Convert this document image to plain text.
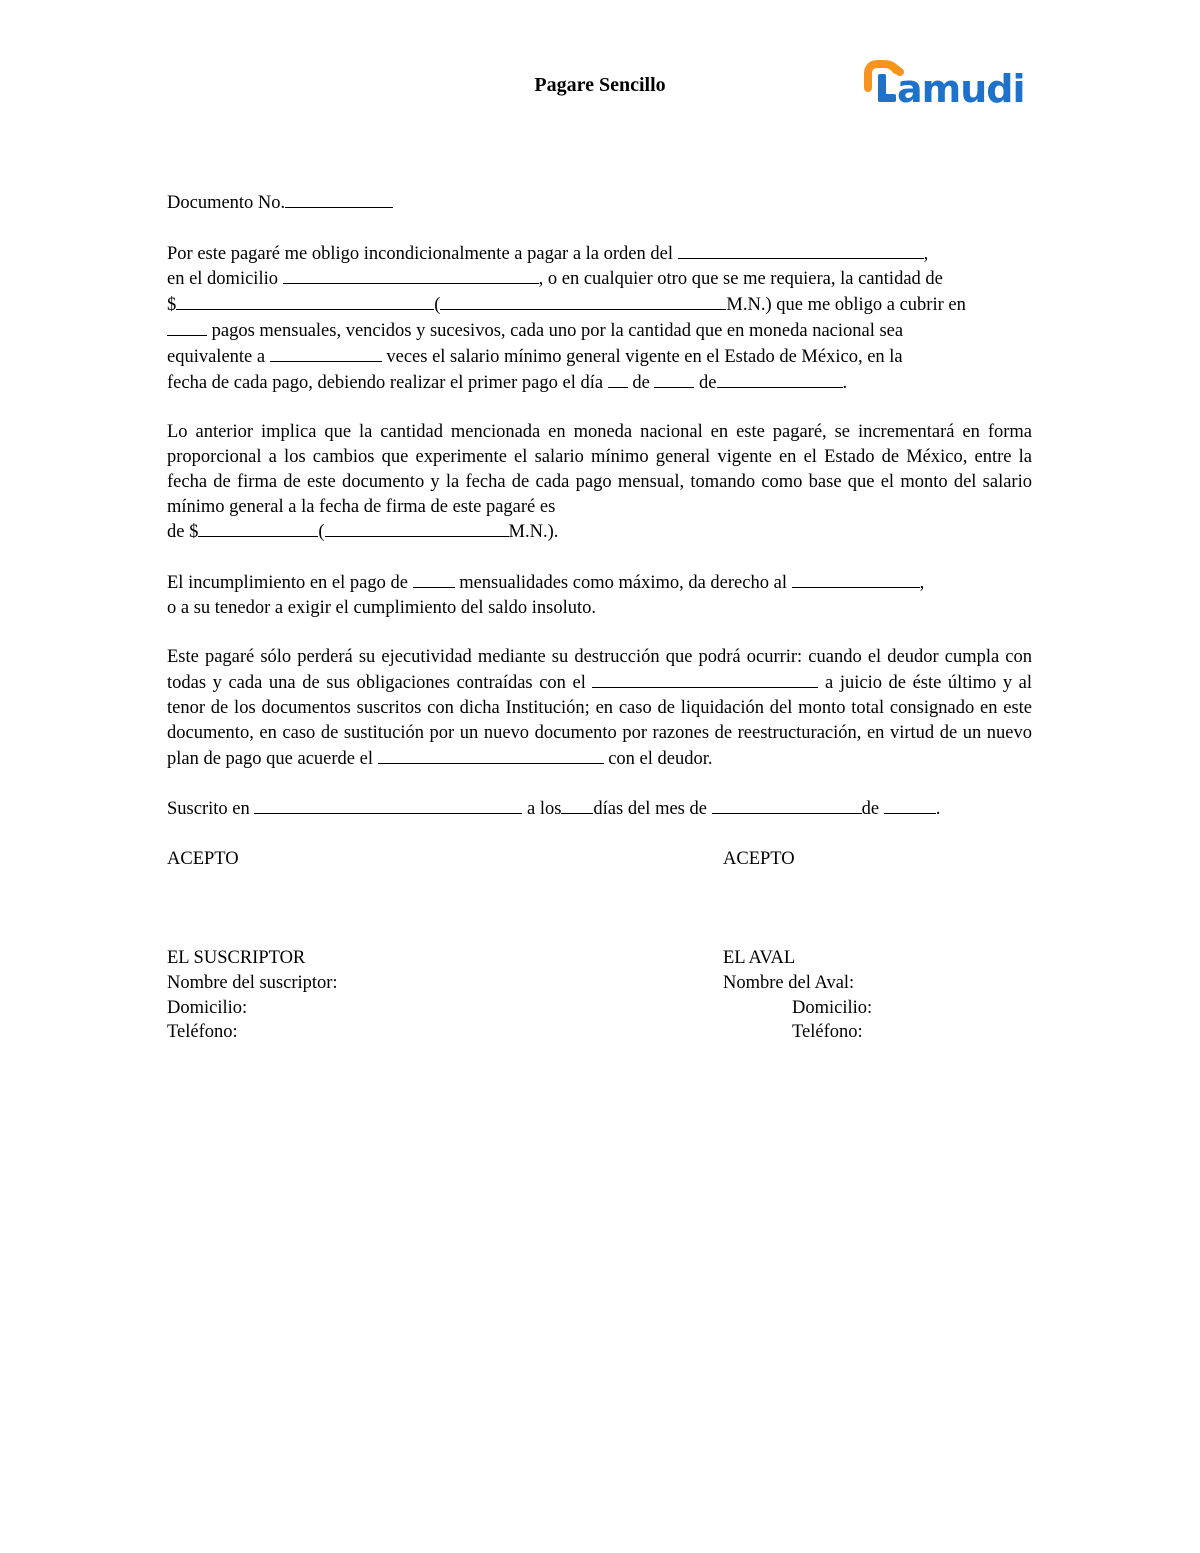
Pagare Sencillo	amudi

Documento No.

Por este pagaré me obligo incondicionalmente a pagar a la orden del	,
en el domicilio	, o en cualquier otro que se me requiera, la cantidad de
$	(	M.N.) que me obligo a cubrir en
pagos mensuales, vencidos y sucesivos, cada uno por la cantidad que en moneda nacional sea
equivalente a	veces el salario mínimo general vigente en el Estado de México, en la
fecha de cada pago, debiendo realizar el primer pago el día  de  de	.

Lo anterior implica que la cantidad mencionada en moneda nacional en este pagaré, se incrementará en forma proporcional a los cambios que experimente el salario mínimo general vigente en el Estado de México, entre la fecha de firma de este documento y la fecha de cada pago mensual, tomando como base que el monto del salario mínimo general a la fecha de firma de este pagaré es
de $	(	M.N.).

El incumplimiento en el pago de  mensualidades como máximo, da derecho al	,
o a su tenedor a exigir el cumplimiento del saldo insoluto.

Este pagaré sólo perderá su ejecutividad mediante su destrucción que podrá ocurrir: cuando el deudor cumpla con todas y cada una de sus obligaciones contraídas con el	a juicio de éste último y al tenor de los documentos suscritos con dicha Institución; en caso de liquidación del monto total consignado en este documento, en caso de sustitución por un nuevo documento por razones de reestructuración, en virtud de un nuevo plan de pago que acuerde el	con el deudor.

Suscrito en	a los días del mes de	de	.

ACEPTO	ACEPTO
EL SUSCRIPTOR	EL AVAL
Nombre del suscriptor:	Nombre del Aval:
Domicilio:	Domicilio:
Teléfono:	Teléfono:
